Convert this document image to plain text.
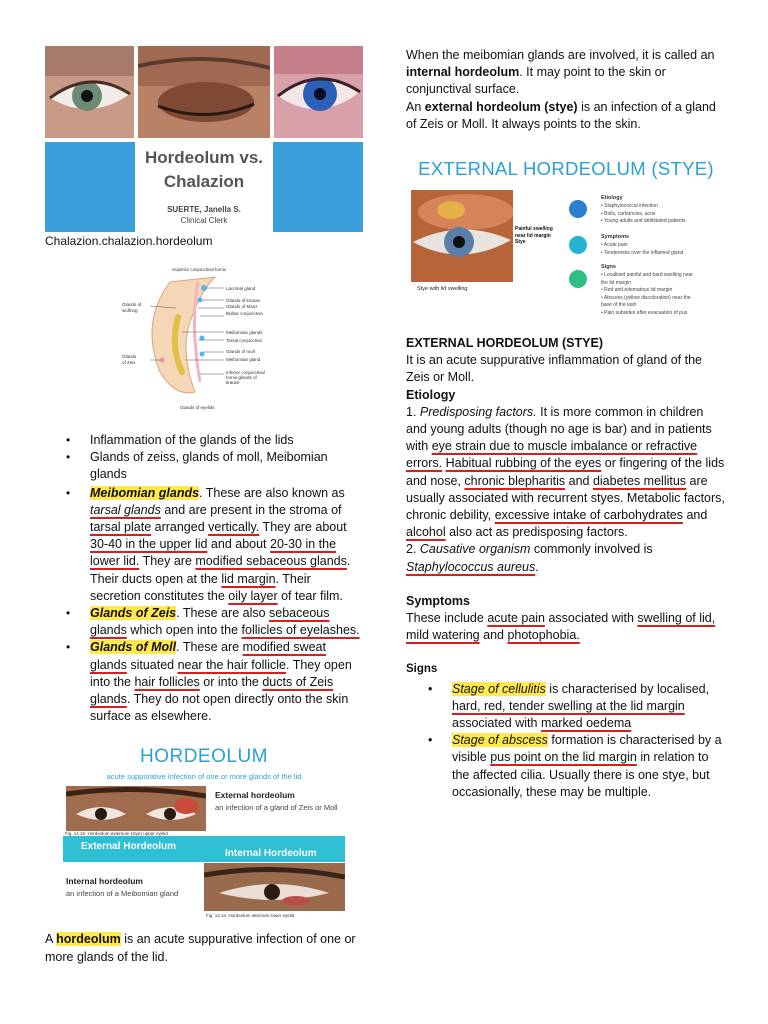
Hordeolum vs.
Chalazion
SUERTE, Janella S.
Clinical Clerk
Chalazion.chalazion.hordeolum
Superior conjunctival fornix
Lacrimal gland
Glands of krause
Glands of Manz
Bulbar conjunctiva
Glands of
wolfring
Meibomian glands
Tarsal conjunctiva
Glands of moll
Meibomian gland
Glands
of Zeis
Inferior conjunctival
fornix-glands of
krause
Glands of eyelids
• Inflammation of the glands of the lids
• Glands of zeiss, glands of moll, Meibomian glands
• Meibomian glands. These are also known as tarsal glands and are present in the stroma of tarsal plate arranged vertically. They are about 30-40 in the upper lid and about 20-30 in the lower lid. They are modified sebaceous glands. Their ducts open at the lid margin. Their secretion constitutes the oily layer of tear film.
• Glands of Zeis. These are also sebaceous glands which open into the follicles of eyelashes.
• Glands of Moll. These are modified sweat glands situated near the hair follicle. They open into the hair follicles or into the ducts of Zeis glands. They do not open directly onto the skin surface as elsewhere.
HORDEOLUM
acute suppurative infection of one or more glands of the lid
External hordeolum
an infection of a gland of Zeis or Moll
Fig. 14.15. Hordeolum externum (stye) upper eyelid.
External Hordeolum
Internal Hordeolum
Internal hordeolum
an infection of a Meibomian gland
Fig. 14.14. Hordeolum internum lower eyelid.

A hordeolum is an acute suppurative infection of one or more glands of the lid.

When the meibomian glands are involved, it is called an internal hordeolum. It may point to the skin or conjunctival surface.

An external hordeolum (stye) is an infection of a gland of Zeis or Moll. It always points to the skin.

EXTERNAL HORDEOLUM (STYE)
Painful swelling
near lid margin
Stye
Stye with lid swelling
Etiology
• Staphylococcal infection
• Boils, carbuncles, acne
• Young adults and debilitated patients
Symptoms
• Acute pain
• Tenderness over the inflamed gland
Signs
• Localised painful and hard swelling near
the lid margin
• Red and edematous lid margin
• Abscess (yellow discoloration) near the
base of the lash
• Pain subsides after evacuation of pus

EXTERNAL HORDEOLUM (STYE)

It is an acute suppurative inflammation of gland of the Zeis or Moll.

Etiology

1. Predisposing factors. It is more common in children and young adults (though no age is bar) and in patients with eye strain due to muscle imbalance or refractive errors. Habitual rubbing of the eyes or fingering of the lids and nose, chronic blepharitis and diabetes mellitus are usually associated with recurrent styes. Metabolic factors, chronic debility, excessive intake of carbohydrates and alcohol also act as predisposing factors.

2. Causative organism commonly involved is Staphylococcus aureus.

Symptoms

These include acute pain associated with swelling of lid, mild watering and photophobia.

Signs

• Stage of cellulitis is characterised by localised, hard, red, tender swelling at the lid margin associated with marked oedema
• Stage of abscess formation is characterised by a visible pus point on the lid margin in relation to the affected cilia. Usually there is one stye, but occasionally, these may be multiple.
